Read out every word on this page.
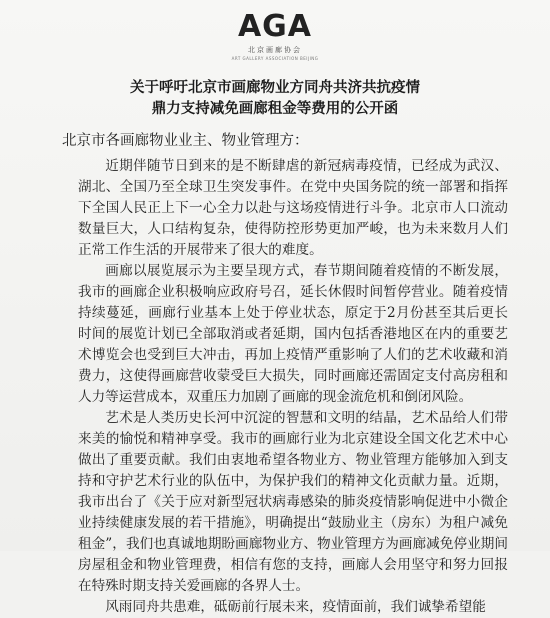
AGA
北京画廊协会
ART GALLERY ASSOCIATION BEIJING
关于呼吁北京市画廊物业方同舟共济共抗疫情
鼎力支持减免画廊租金等费用的公开函
北京市各画廊物业业主、物业管理方：

近期伴随节日到来的是不断肆虐的新冠病毒疫情，已经成为武汉、湖北、全国乃至全球卫生突发事件。在党中央国务院的统一部署和指挥下全国人民正上下一心全力以赴与这场疫情进行斗争。北京市人口流动数量巨大，人口结构复杂，使得防控形势更加严峻，也为未来数月人们正常工作生活的开展带来了很大的难度。

画廊以展览展示为主要呈现方式，春节期间随着疫情的不断发展，我市的画廊企业积极响应政府号召，延长休假时间暂停营业。随着疫情持续蔓延，画廊行业基本上处于停业状态，原定于2月份甚至其后更长时间的展览计划已全部取消或者延期，国内包括香港地区在内的重要艺术博览会也受到巨大冲击，再加上疫情严重影响了人们的艺术收藏和消费力，这使得画廊营收蒙受巨大损失，同时画廊还需固定支付高房租和人力等运营成本，双重压力加剧了画廊的现金流危机和倒闭风险。

艺术是人类历史长河中沉淀的智慧和文明的结晶，艺术品给人们带来美的愉悦和精神享受。我市的画廊行业为北京建设全国文化艺术中心做出了重要贡献。我们由衷地希望各物业方、物业管理方能够加入到支持和守护艺术行业的队伍中，为保护我们的精神文化贡献力量。近期，我市出台了《关于应对新型冠状病毒感染的肺炎疫情影响促进中小微企业持续健康发展的若干措施》，明确提出“鼓励业主（房东）为租户减免租金”，我们也真诚地期盼画廊物业方、物业管理方为画廊减免停业期间房屋租金和物业管理费，相信有您的支持，画廊人会用坚守和努力回报在特殊时期支持关爱画廊的各界人士。

风雨同舟共患难，砥砺前行展未来，疫情面前，我们诚挚希望能
